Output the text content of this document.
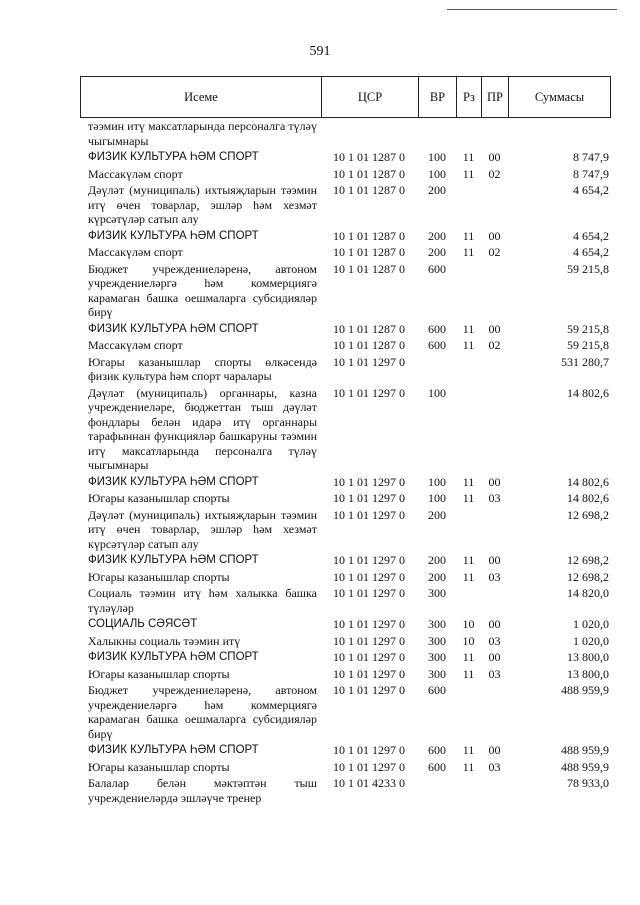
591
Исеме	ЦСР	ВР	Рз ПР	Суммасы
тәэмин итү максатларында персоналга түләү чыгымнары
ФИЗИК КУЛЬТУРА ҺӘМ СПОРТ	10 1 01 1287 0	100	11	00	8 747,9
Массакүләм спорт	10 1 01 1287 0	100	11	02	8 747,9
Дәүләт (муниципаль) ихтыяҗларын тәэмин итү өчен товарлар, эшләр һәм хезмәт күрсәтүләр сатып алу
10 1 01 1287 0	200	4 654,2
ФИЗИК КУЛЬТУРА ҺӘМ СПОРТ	10 1 01 1287 0	200	11	00	4 654,2
Массакүләм спорт	10 1 01 1287 0	200	11	02	4 654,2
Бюджет учреждениеләренә, автоном учреждениеләргә һәм коммерциягә карамаган башка оешмаларга субсидияләр бирү
10 1 01 1287 0	600	59 215,8
ФИЗИК КУЛЬТУРА ҺӘМ СПОРТ	10 1 01 1287 0	600	11	00	59 215,8
Массакүләм спорт	10 1 01 1287 0	600	11	02	59 215,8
Югары казанышлар спорты өлкәсендә физик культура һәм спорт чаралары
10 1 01 1297 0	531 280,7
Дәүләт (муниципаль) органнары, казна учреждениеләре, бюджеттан тыш дәүләт фондлары белән идарә итү органнары тарафыннан функцияләр башкаруны тәэмин итү максатларында персоналга түләү чыгымнары
10 1 01 1297 0	100	14 802,6
ФИЗИК КУЛЬТУРА ҺӘМ СПОРТ	10 1 01 1297 0	100	11	00	14 802,6
Югары казанышлар спорты	10 1 01 1297 0	100	11	03	14 802,6
Дәүләт (муниципаль) ихтыяҗларын тәэмин итү өчен товарлар, эшләр һәм хезмәт күрсәтүләр сатып алу
10 1 01 1297 0	200	12 698,2
ФИЗИК КУЛЬТУРА ҺӘМ СПОРТ	10 1 01 1297 0	200	11	00	12 698,2
Югары казанышлар спорты	10 1 01 1297 0	200	11	03	12 698,2
Социаль тәэмин итү һәм халыкка башка түләүләр
10 1 01 1297 0	300	14 820,0
СОЦИАЛЬ СӘЯСӘТ	10 1 01 1297 0	300	10	00	1 020,0
Халыкны социаль тәэмин итү	10 1 01 1297 0	300	10	03	1 020,0
ФИЗИК КУЛЬТУРА ҺӘМ СПОРТ	10 1 01 1297 0	300	11	00	13 800,0
Югары казанышлар спорты	10 1 01 1297 0	300	11	03	13 800,0
Бюджет учреждениеләренә, автоном учреждениеләргә һәм коммерциягә карамаган башка оешмаларга субсидияләр бирү
10 1 01 1297 0	600	488 959,9
ФИЗИК КУЛЬТУРА ҺӘМ СПОРТ	10 1 01 1297 0	600	11	00	488 959,9
Югары казанышлар спорты	10 1 01 1297 0	600	11	03	488 959,9
Балалар белән мәктәптән тыш учреждениеләрдә эшләүче тренер
10 1 01 4233 0	78 933,0
